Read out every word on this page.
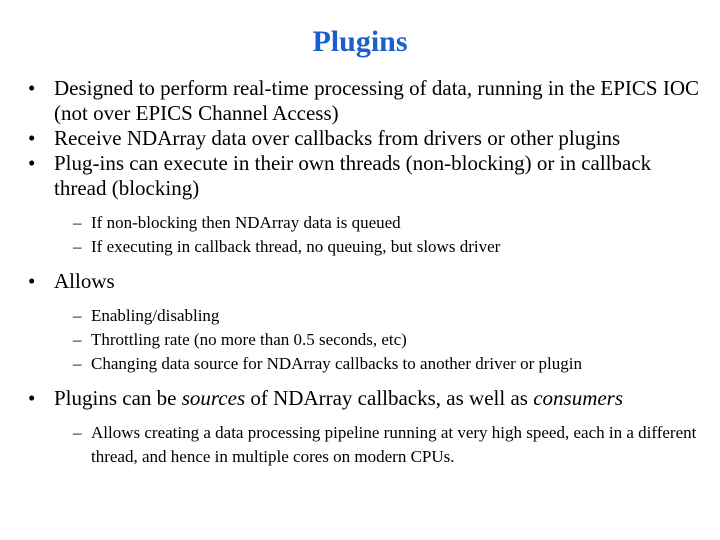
Plugins

• Designed to perform real-time processing of data, running in the EPICS IOC (not over EPICS Channel Access)

• Receive NDArray data over callbacks from drivers or other plugins

• Plug-ins can execute in their own threads (non-blocking) or in callback thread (blocking)

– If non-blocking then NDArray data is queued

– If executing in callback thread, no queuing, but slows driver

• Allows

– Enabling/disabling

– Throttling rate (no more than 0.5 seconds, etc)

– Changing data source for NDArray callbacks to another driver or plugin

• Plugins can be sources of NDArray callbacks, as well as consumers

– Allows creating a data processing pipeline running at very high speed, each in a different thread, and hence in multiple cores on modern CPUs.
